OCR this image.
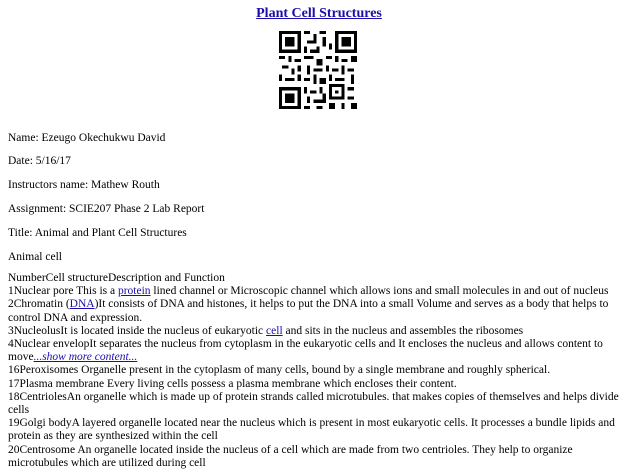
Plant Cell Structures
Name: Ezeugo Okechukwu David
Date: 5/16/17
Instructors name: Mathew Routh
Assignment: SCIE207 Phase 2 Lab Report
Title: Animal and Plant Cell Structures
Animal cell

NumberCell structureDescription and Function

1Nuclear pore This is a protein lined channel or Microscopic channel which allows ions and small molecules in and out of nucleus

2Chromatin (DNA)It consists of DNA and histones, it helps to put the DNA into a small Volume and serves as a body that helps to control DNA and expression.

3NucleolusIt is located inside the nucleus of eukaryotic cell and sits in the nucleus and assembles the ribosomes

4Nuclear envelopIt separates the nucleus from cytoplasm in the eukaryotic cells and It encloses the nucleus and allows content to move...show more content...

16Peroxisomes Organelle present in the cytoplasm of many cells, bound by a single membrane and roughly spherical.

17Plasma membrane Every living cells possess a plasma membrane which encloses their content.

18CentriolesAn organelle which is made up of protein strands called microtubules. that makes copies of themselves and helps divide cells

19Golgi bodyA layered organelle located near the nucleus which is present in most eukaryotic cells. It processes a bundle lipids and protein as they are synthesized within the cell

20Centrosome An organelle located inside the nucleus of a cell which are made from two centrioles. They help to organize microtubules which are utilized during cell
